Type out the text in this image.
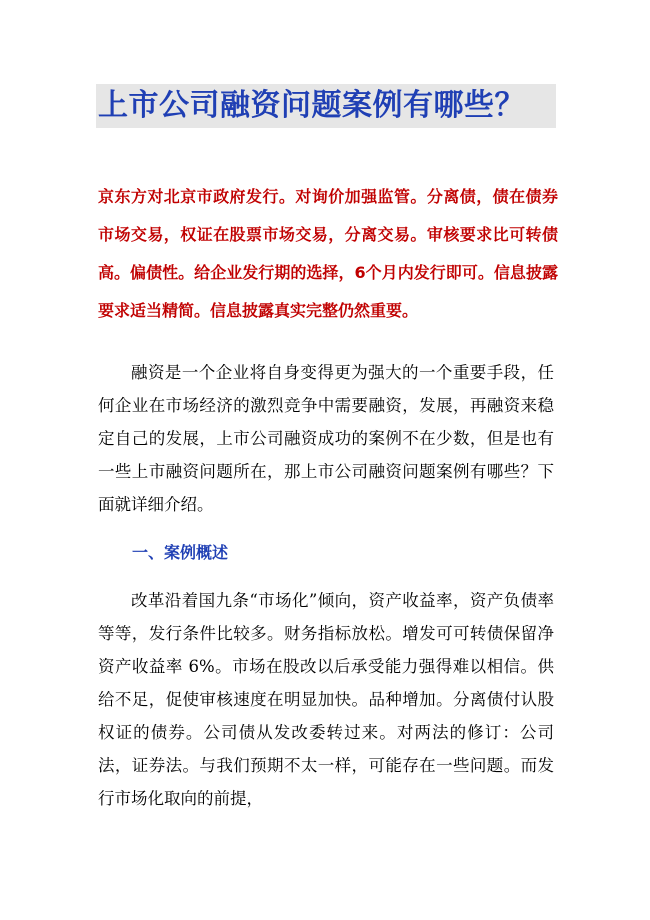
上市公司融资问题案例有哪些？

京东方对北京市政府发行。对询价加强监管。分离债，债在债券市场交易，权证在股票市场交易，分离交易。审核要求比可转债高。偏债性。给企业发行期的选择，6个月内发行即可。信息披露要求适当精简。信息披露真实完整仍然重要。

融资是一个企业将自身变得更为强大的一个重要手段，任何企业在市场经济的激烈竞争中需要融资，发展，再融资来稳定自己的发展，上市公司融资成功的案例不在少数，但是也有一些上市融资问题所在，那上市公司融资问题案例有哪些？下面就详细介绍。

一、案例概述

改革沿着国九条“市场化”倾向，资产收益率，资产负债率等等，发行条件比较多。财务指标放松。增发可可转债保留净资产收益率 6%。市场在股改以后承受能力强得难以相信。供给不足，促使审核速度在明显加快。品种增加。分离债付认股权证的债券。公司债从发改委转过来。对两法的修订：公司法，证券法。与我们预期不太一样，可能存在一些问题。而发行市场化取向的前提，
